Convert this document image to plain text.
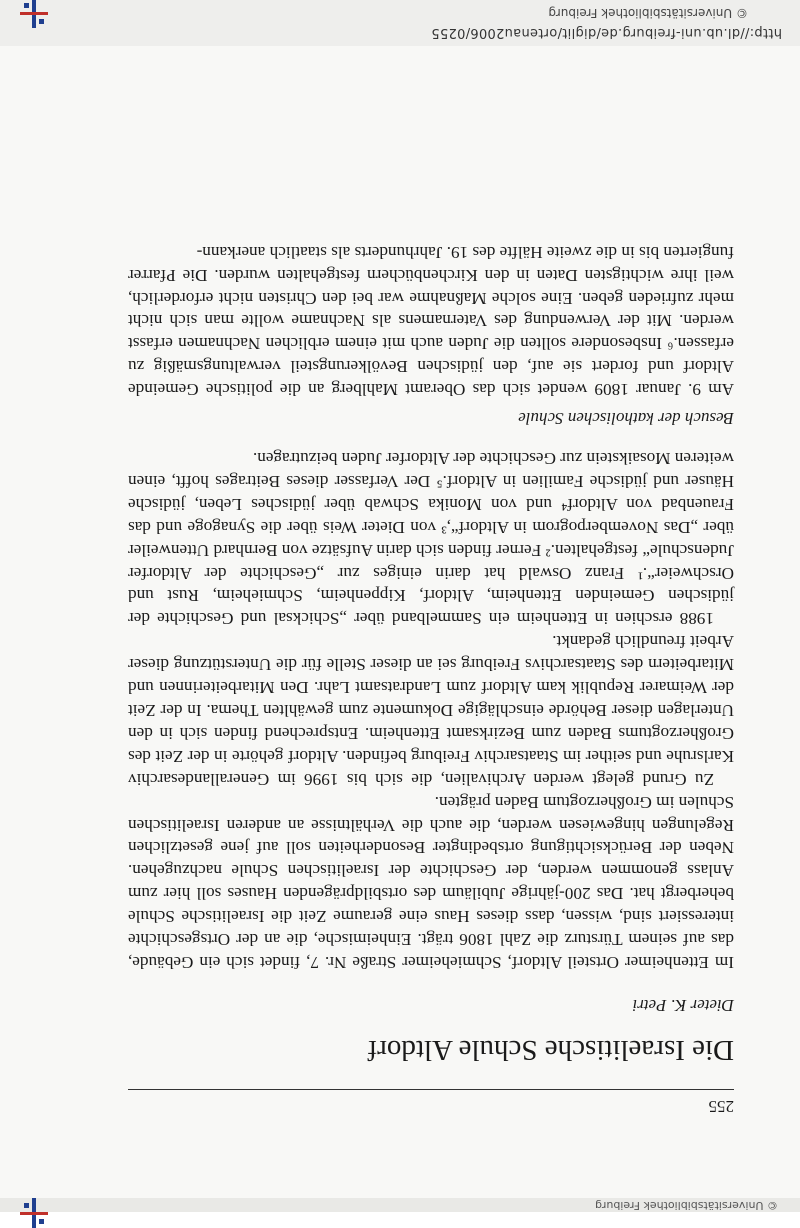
© Universitätsbibliothek Freiburg
255
Die Israelitische Schule Altdorf
Dieter K. Petri

Im Ettenheimer Ortsteil Altdorf, Schmieheimer Straße Nr. 7, findet sich ein Gebäude, das auf seinem Türsturz die Zahl 1806 trägt. Einheimische, die an der Ortsgeschichte interessiert sind, wissen, dass dieses Haus eine geraume Zeit die Israelitische Schule beherbergt hat. Das 200-jährige Jubiläum des ortsbildprägenden Hauses soll hier zum Anlass genommen werden, der Geschichte der Israelitischen Schule nachzugehen. Neben der Berücksichtigung ortsbedingter Besonderheiten soll auf jene gesetzlichen Regelungen hingewiesen werden, die auch die Verhältnisse an anderen Israelitischen Schulen im Großherzogtum Baden prägten.

Zu Grund gelegt werden Archivalien, die sich bis 1996 im Generallandesarchiv Karlsruhe und seither im Staatsarchiv Freiburg befinden. Altdorf gehörte in der Zeit des Großherzogtums Baden zum Bezirksamt Ettenheim. Entsprechend finden sich in den Unterlagen dieser Behörde einschlägige Dokumente zum gewählten Thema. In der Zeit der Weimarer Republik kam Altdorf zum Landratsamt Lahr. Den Mitarbeiterinnen und Mitarbeitern des Staatsarchivs Freiburg sei an dieser Stelle für die Unterstützung dieser Arbeit freundlich gedankt.

1988 erschien in Ettenheim ein Sammelband über „Schicksal und Geschichte der jüdischen Gemeinden Ettenheim, Altdorf, Kippenheim, Schmieheim, Rust und Orschweier“.¹ Franz Oswald hat darin einiges zur „Geschichte der Altdorfer Judenschule“ festgehalten.² Ferner finden sich darin Aufsätze von Bernhard Uttenweiler über „Das Novemberpogrom in Altdorf“,³ von Dieter Weis über die Synagoge und das Frauenbad von Altdorf⁴ und von Monika Schwab über jüdisches Leben, jüdische Häuser und jüdische Familien in Altdorf.⁵ Der Verfasser dieses Beitrages hofft, einen weiteren Mosaikstein zur Geschichte der Altdorfer Juden beizutragen.

Besuch der katholischen Schule

Am 9. Januar 1809 wendet sich das Oberamt Mahlberg an die politische Gemeinde Altdorf und fordert sie auf, den jüdischen Bevölkerungsteil verwaltungsmäßig zu erfassen.⁶ Insbesondere sollten die Juden auch mit einem erblichen Nachnamen erfasst werden. Mit der Verwendung des Vaternamens als Nachname wollte man sich nicht mehr zufrieden geben. Eine solche Maßnahme war bei den Christen nicht erforderlich, weil ihre wichtigsten Daten in den Kirchenbüchern festgehalten wurden. Die Pfarrer fungierten bis in die zweite Hälfte des 19. Jahrhunderts als staatlich anerkann-

http://dl.ub.uni-freiburg.de/diglit/ortenau2006/0255
© Universitätsbibliothek Freiburg
